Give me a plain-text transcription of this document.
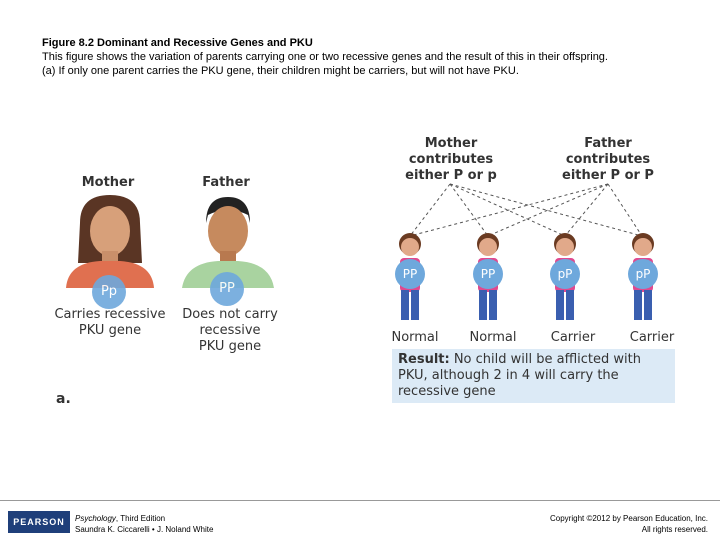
Figure 8.2 Dominant and Recessive Genes and PKU
This figure shows the variation of parents carrying one or two recessive genes and the result of this in their offspring.
(a) If only one parent carries the PKU gene, their children might be carriers, but will not have PKU.
Mother	Father
Pp	PP
Carries recessive
PKU gene
Does not carry
recessive
PKU gene
a.
Mother
contributes
either P or p
Father
contributes
either P or P
PP	PP	pP	pP
Normal	Normal	Carrier	Carrier
Result: No child will be afflicted with PKU, although 2 in 4 will carry the recessive gene
PEARSON	Psychology, Third Edition
Saundra K. Ciccarelli • J. Noland White
Copyright ©2012 by Pearson Education, Inc.
All rights reserved.
